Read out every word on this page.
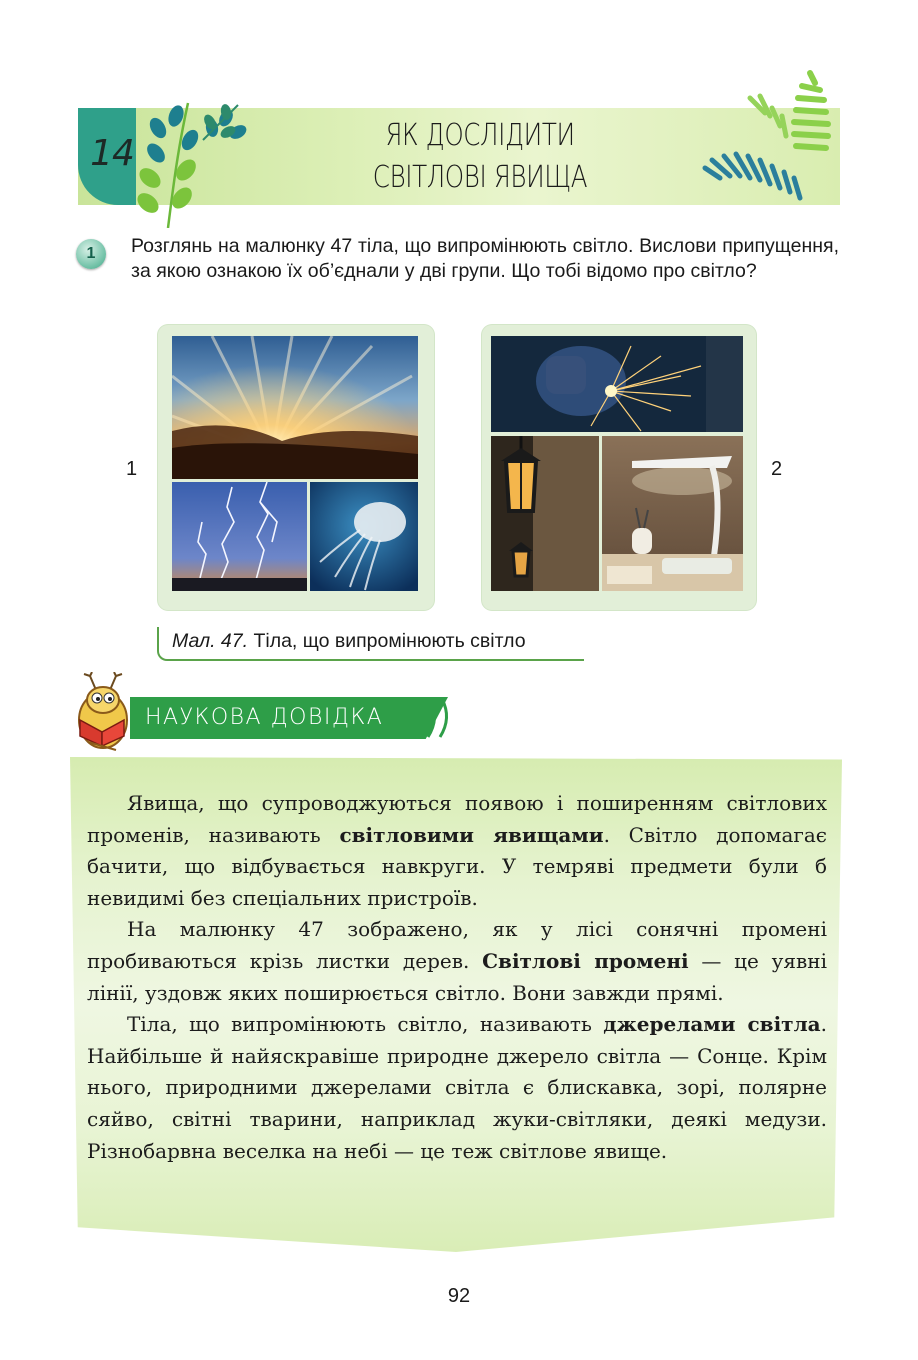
14	ЯК ДОСЛІДИТИ
СВІТЛОВІ ЯВИЩА
1	Розглянь на малюнку 47 тіла, що випромінюють світло. Вислови припущення, за якою ознакою їх об’єднали у дві групи. Що тобі відомо про світло?
1	2
Мал. 47. Тіла, що випромінюють світло
НАУКОВА ДОВІДКА

Явища, що супроводжуються появою і поширенням світлових променів, називають світловими явищами. Світло допомагає бачити, що відбувається навкруги. У темряві предмети були б невидимі без спеціальних пристроїв.

На малюнку 47 зображено, як у лісі сонячні промені пробиваються крізь листки дерев. Світлові промені — це уявні лінії, уздовж яких поширюється світло. Вони завжди прямі.

Тіла, що випромінюють світло, називають джерелами світла. Найбільше й найяскравіше природне джерело світла — Сонце. Крім нього, природними джерелами світла є блискавка, зорі, полярне сяйво, світні тварини, наприклад жуки-світляки, деякі медузи. Різнобарвна веселка на небі — це теж світлове явище.

92
